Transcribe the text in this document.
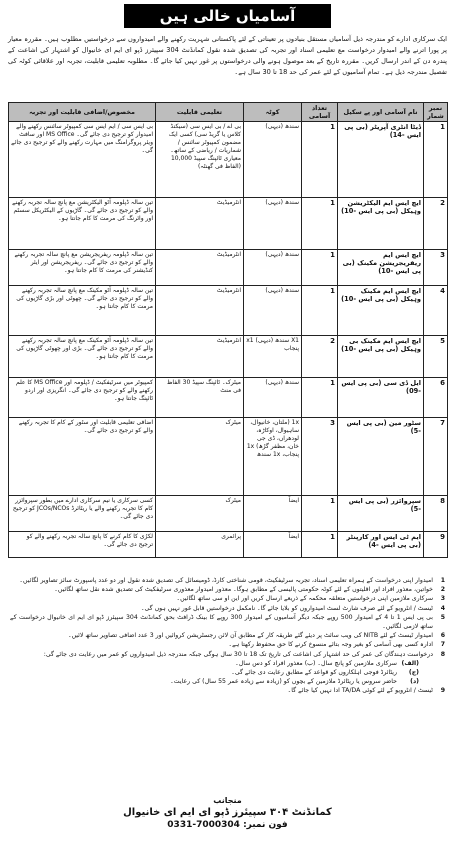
آسامیاں خالی ہیں
ایک سرکاری ادارے کو مندرجہ ذیل آسامیاں مستقل بنیادوں پر تعیناتی کے لئے پاکستانی شہریت رکھنے والے امیدواروں سے درخواستیں مطلوب ہیں۔ مقررہ معیار پر پورا اترنے والے امیدوار درخواست مع تعلیمی اسناد اور تجربہ کی تصدیق شدہ نقول کمانڈنٹ 304 سپیئرز ڈپو ای ایم ای خانیوال کو اشتہار کی اشاعت کے پندرہ دن کے اندر ارسال کریں۔ مقررہ تاریخ کے بعد موصول ہونے والی درخواستوں پر غور نہیں کیا جائے گا۔ مطلوبہ تعلیمی قابلیت، تجربہ اور علاقائی کوٹہ کی تفصیل مندرجہ ذیل ہے۔ تمام آسامیوں کے لئے عمر کی حد 18 تا 30 سال ہے۔
نمبر شمار	نام آسامی اور پے سکیل	تعداد آسامی	کوٹہ	تعلیمی قابلیت	مخصوص/اضافی قابلیت اور تجربہ
1	ڈیٹا انٹری آپریٹر (بی پی ایس -14)	1	سندھ (دیہی)	بی اے / بی ایس سی (سیکنڈ کلاس یا گریڈ سی) کسی ایک مضمون کمپیوٹر سائنس / شماریات / ریاضی کے ساتھ۔ معیاری ٹائپنگ سپیڈ 10,000 (الفاظ فی گھنٹہ)	بی ایس سی / ایم ایس سی کمپیوٹر سائنس رکھنے والے امیدوار کو ترجیح دی جائے گی۔ MS Office اور سافٹ ویئر پروگرامنگ میں مہارت رکھنے والے کو ترجیح دی جائے گی۔
2	ایچ ایس ایم الیکٹریشن وہیکل (بی پی ایس -10)	1	سندھ (دیہی)	انٹرمیڈیٹ	تین سالہ ڈپلومہ آٹو الیکٹریشن مع پانچ سالہ تجربہ رکھنے والے کو ترجیح دی جائے گی۔ گاڑیوں کے الیکٹریکل سسٹم اور وائرنگ کی مرمت کا کام جانتا ہو۔
3	ایچ ایس ایم ریفریجریشن مکینک (بی پی ایس -10)	1	سندھ (دیہی)	انٹرمیڈیٹ	تین سالہ ڈپلومہ ریفریجریشن مع پانچ سالہ تجربہ رکھنے والے کو ترجیح دی جائے گی۔ ریفریجریشن اور ایئر کنڈیشنر کی مرمت کا کام جانتا ہو۔
4	ایچ ایس ایم مکینک وہیکل (بی پی ایس -10)	1	سندھ (دیہی)	انٹرمیڈیٹ	تین سالہ ڈپلومہ آٹو مکینک مع پانچ سالہ تجربہ رکھنے والے کو ترجیح دی جائے گی۔ چھوٹی اور بڑی گاڑیوں کی مرمت کا کام جانتا ہو۔
5	ایچ ایس ایم مکینک بی وہیکل (بی پی ایس -10)	2	X1 سندھ (دیہی) x1 پنجاب	انٹرمیڈیٹ	تین سالہ ڈپلومہ آٹو مکینک مع پانچ سالہ تجربہ رکھنے والے کو ترجیح دی جائے گی۔ بڑی اور چھوٹی گاڑیوں کی مرمت کا کام جانتا ہو۔
6	ایل ڈی سی (بی پی ایس -09)	1	سندھ (دیہی)	میٹرک۔ ٹائپنگ سپیڈ 30 الفاظ فی منٹ	کمپیوٹر میں سرٹیفکیٹ / ڈپلومہ اور MS Office کا علم رکھنے والے کو ترجیح دی جائے گی۔ انگریزی اور اردو ٹائپنگ جانتا ہو۔
7	سٹور مین (بی پی ایس -5)	3	1x (ملتان، خانیوال، ساہیوال، اوکاڑہ، لودھراں، ڈی جی خان، مظفر گڑھ) 1x پنجاب، 1x سندھ	میٹرک	اضافی تعلیمی قابلیت اور سٹور کے کام کا تجربہ رکھنے والے کو ترجیح دی جائے گی۔
8	سپروائزر (بی پی ایس -5)	1	ایضاً	میٹرک	کسی سرکاری یا نیم سرکاری ادارے میں بطور سپروائزر کام کا تجربہ رکھنے والے یا ریٹائرڈ JCOs/NCOs کو ترجیح دی جائے گی۔
9	ایم ٹی ایس اور کارپنٹر (بی پی ایس -4)	1	ایضاً	پرائمری	لکڑی کا کام کرنے کا پانچ سالہ تجربہ رکھنے والے کو ترجیح دی جائے گی۔
1
امیدوار اپنی درخواست کے ہمراہ تعلیمی اسناد، تجربہ سرٹیفکیٹ، قومی شناختی کارڈ، ڈومیسائل کی تصدیق شدہ نقول اور دو عدد پاسپورٹ سائز تصاویر لگائیں۔
2
خواتین، معذور افراد اور اقلیتوں کے لئے کوٹہ حکومتی پالیسی کے مطابق ہوگا۔ معذور امیدوار معذوری سرٹیفکیٹ کی تصدیق شدہ نقل ساتھ لگائیں۔
3
سرکاری ملازمین اپنی درخواستیں متعلقہ محکمہ کے ذریعے ارسال کریں اور این او سی ساتھ لگائیں۔
4
ٹیسٹ / انٹرویو کے لئے صرف شارٹ لسٹ امیدواروں کو بلایا جائے گا۔ نامکمل درخواستیں قابل غور نہیں ہوں گی۔
5
بی پی ایس 1 تا 4 کے امیدوار 500 روپے جبکہ دیگر آسامیوں کے امیدوار 300 روپے کا بینک ڈرافٹ بحق کمانڈنٹ 304 سپیئرز ڈپو ای ایم ای خانیوال درخواست کے ساتھ لازمی لگائیں۔
6
امیدوار ٹیسٹ کے لئے NITB کی ویب سائٹ پر دیئے گئے طریقہ کار کے مطابق آن لائن رجسٹریشن کروائیں اور 3 عدد اضافی تصاویر ساتھ لائیں۔
7
ادارہ کسی بھی آسامی کو بغیر وجہ بتائے منسوخ کرنے کا حق محفوظ رکھتا ہے۔
8
درخواست دہندگان کی عمر کی حد اشتہار کی اشاعت کی تاریخ تک 18 تا 30 سال ہوگی جبکہ مندرجہ ذیل امیدواروں کو عمر میں رعایت دی جائے گی:
(الف)
سرکاری ملازمین کو پانچ سال۔ (ب) معذور افراد کو دس سال۔
(ج)
ریٹائرڈ فوجی اہلکاروں کو قواعد کے مطابق رعایت دی جائے گی۔
(د)
حاضر سروس یا ریٹائرڈ ملازمین کے بچوں کو (زیادہ سے زیادہ عمر 55 سال) کی رعایت۔
9
ٹیسٹ / انٹرویو کے لئے کوئی TA/DA ادا نہیں کیا جائے گا۔
منجانب
کمانڈنٹ ۳۰۴ سپیئرز ڈپو ای ایم ای خانیوال
فون نمبر: 0331-7000304
